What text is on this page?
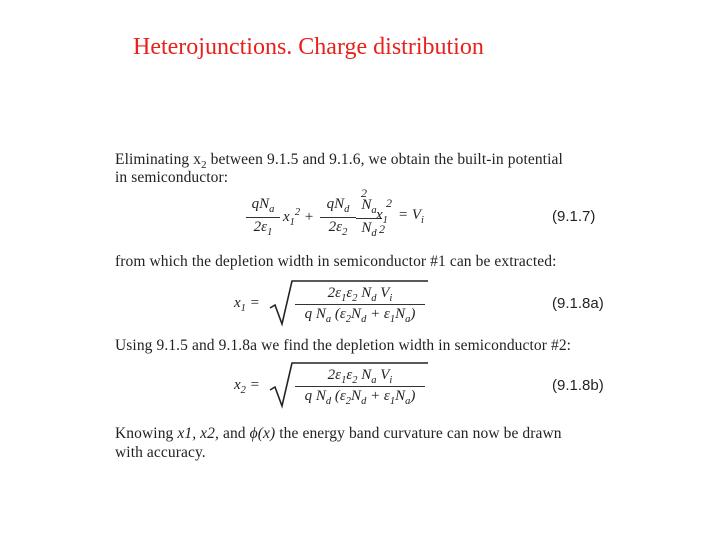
Heterojunctions. Charge distribution
Eliminating $x_2$ between 9.1.5 and 9.1.6, we obtain the built-in potential
in semiconductor:
$qN_a$
$2\varepsilon_1$
$x_1^2$ +
$qN_d$
$2\varepsilon_2$
2
$N_a$
$N_d$ 2
2
$x_1 = V_i$	(9.1.7)
from which the depletion width in semiconductor #1 can be extracted:
$x_1$ =
$2\varepsilon_1\varepsilon_2$ $N_d$ $V_i$
q $N_a$ $(\varepsilon_2N_d + \varepsilon_1N_a)$
(9.1.8a)
Using 9.1.5 and 9.1.8a we find the depletion width in semiconductor #2:
$x_2$ =
$2\varepsilon_1\varepsilon_2$ $N_a$ $V_i$
q $N_d$ $(\varepsilon_2N_d + \varepsilon_1N_a)$
(9.1.8b)
Knowing x1, x2, and ϕ(x) the energy band curvature can now be drawn
with accuracy.
